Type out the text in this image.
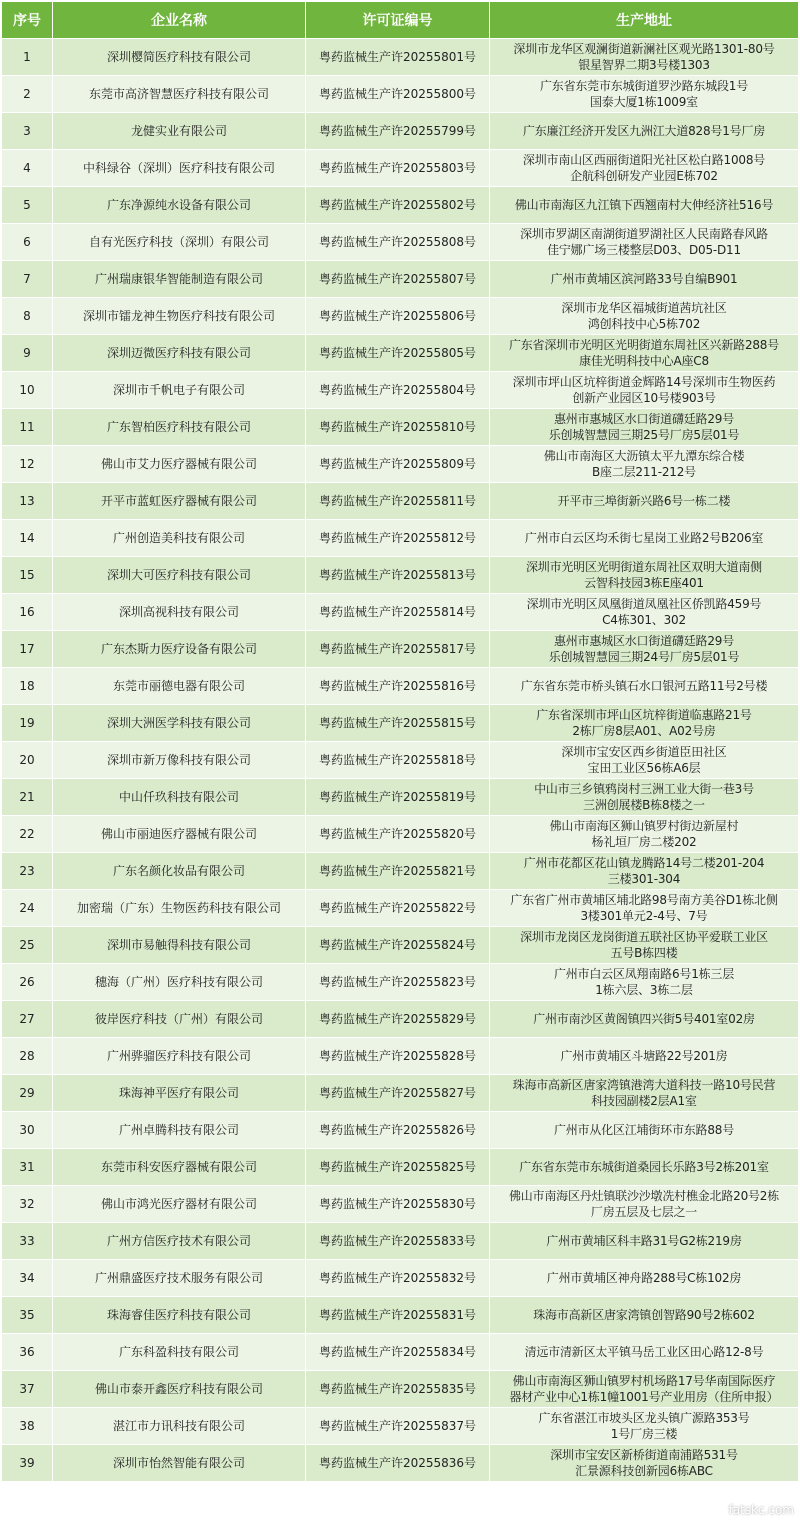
序号	企业名称	许可证编号	生产地址
1	深圳樱简医疗科技有限公司	粤药监械生产许20255801号	深圳市龙华区观澜街道新澜社区观光路1301-80号
银星智界二期3号楼1303
2	东莞市高济智慧医疗科技有限公司	粤药监械生产许20255800号	广东省东莞市东城街道罗沙路东城段1号
国泰大厦1栋1009室
3	龙健实业有限公司	粤药监械生产许20255799号	广东廉江经济开发区九洲江大道828号1号厂房
4	中科绿谷（深圳）医疗科技有限公司	粤药监械生产许20255803号	深圳市南山区西丽街道阳光社区松白路1008号
企航科创研发产业园E栋702
5	广东净源纯水设备有限公司	粤药监械生产许20255802号	佛山市南海区九江镇下西翘南村大伸经济社516号
6	自有光医疗科技（深圳）有限公司	粤药监械生产许20255808号	深圳市罗湖区南湖街道罗湖社区人民南路春风路
佳宁娜广场三楼整层D03、D05-D11
7	广州瑞康银华智能制造有限公司	粤药监械生产许20255807号	广州市黄埔区滨河路33号自编B901
8	深圳市镭龙神生物医疗科技有限公司	粤药监械生产许20255806号	深圳市龙华区福城街道茜坑社区
鸿创科技中心5栋702
9	深圳迈微医疗科技有限公司	粤药监械生产许20255805号	广东省深圳市光明区光明街道东周社区兴新路288号
康佳光明科技中心A座C8
10	深圳市千帆电子有限公司	粤药监械生产许20255804号	深圳市坪山区坑梓街道金辉路14号深圳市生物医药
创新产业园区10号楼903号
11	广东智柏医疗科技有限公司	粤药监械生产许20255810号	惠州市惠城区水口街道礴廷路29号
乐创城智慧园三期25号厂房5层01号
12	佛山市艾力医疗器械有限公司	粤药监械生产许20255809号	佛山市南海区大沥镇太平九潭东综合楼
B座二层211-212号
13	开平市蓝虹医疗器械有限公司	粤药监械生产许20255811号	开平市三埠街新兴路6号一栋二楼
14	广州创造美科技有限公司	粤药监械生产许20255812号	广州市白云区均禾街七星岗工业路2号B206室
15	深圳大可医疗科技有限公司	粤药监械生产许20255813号	深圳市光明区光明街道东周社区双明大道南侧
云智科技园3栋E座401
16	深圳高视科技有限公司	粤药监械生产许20255814号	深圳市光明区凤凰街道凤凰社区侨凯路459号
C4栋301、302
17	广东杰斯力医疗设备有限公司	粤药监械生产许20255817号	惠州市惠城区水口街道礴廷路29号
乐创城智慧园三期24号厂房5层01号
18	东莞市丽德电器有限公司	粤药监械生产许20255816号	广东省东莞市桥头镇石水口银河五路11号2号楼
19	深圳大洲医学科技有限公司	粤药监械生产许20255815号	广东省深圳市坪山区坑梓街道临惠路21号
2栋厂房8层A01、A02号房
20	深圳市新万像科技有限公司	粤药监械生产许20255818号	深圳市宝安区西乡街道臣田社区
宝田工业区56栋A6层
21	中山仟玖科技有限公司	粤药监械生产许20255819号	中山市三乡镇鸦岗村三洲工业大街一巷3号
三洲创展楼B栋8楼之一
22	佛山市丽迪医疗器械有限公司	粤药监械生产许20255820号	佛山市南海区狮山镇罗村街边新屋村
杨礼垣厂房二楼202
23	广东名颜化妆品有限公司	粤药监械生产许20255821号	广州市花都区花山镇龙腾路14号二楼201-204
三楼301-304
24	加密瑞（广东）生物医药科技有限公司	粤药监械生产许20255822号	广东省广州市黄埔区埔北路98号南方美谷D1栋北侧
3楼301单元2-4号、7号
25	深圳市易触得科技有限公司	粤药监械生产许20255824号	深圳市龙岗区龙岗街道五联社区协平爱联工业区
五号B栋四楼
26	穗海（广州）医疗科技有限公司	粤药监械生产许20255823号	广州市白云区凤翔南路6号1栋三层
1栋六层、3栋二层
27	彼岸医疗科技（广州）有限公司	粤药监械生产许20255829号	广州市南沙区黄阁镇四兴街5号401室02房
28	广州骅骝医疗科技有限公司	粤药监械生产许20255828号	广州市黄埔区斗塘路22号201房
29	珠海神平医疗有限公司	粤药监械生产许20255827号	珠海市高新区唐家湾镇港湾大道科技一路10号民营
科技园副楼2层A1室
30	广州卓腾科技有限公司	粤药监械生产许20255826号	广州市从化区江埔街环市东路88号
31	东莞市科安医疗器械有限公司	粤药监械生产许20255825号	广东省东莞市东城街道桑园长乐路3号2栋201室
32	佛山市鸿光医疗器材有限公司	粤药监械生产许20255830号	佛山市南海区丹灶镇联沙沙墩冼村樵金北路20号2栋
厂房五层及七层之一
33	广州方信医疗技术有限公司	粤药监械生产许20255833号	广州市黄埔区科丰路31号G2栋219房
34	广州鼎盛医疗技术服务有限公司	粤药监械生产许20255832号	广州市黄埔区神舟路288号C栋102房
35	珠海睿佳医疗科技有限公司	粤药监械生产许20255831号	珠海市高新区唐家湾镇创智路90号2栋602
36	广东科盈科技有限公司	粤药监械生产许20255834号	清远市清新区太平镇马岳工业区田心路12-8号
37	佛山市泰开鑫医疗科技有限公司	粤药监械生产许20255835号	佛山市南海区狮山镇罗村机场路17号华南国际医疗
器材产业中心1栋1幢1001号产业用房（住所申报）
38	湛江市力讯科技有限公司	粤药监械生产许20255837号	广东省湛江市坡头区龙头镇广源路353号
1号厂房三楼
39	深圳市怡然智能有限公司	粤药监械生产许20255836号	深圳市宝安区新桥街道南浦路531号
汇景源科技创新园6栋ABC
fatskc.com
